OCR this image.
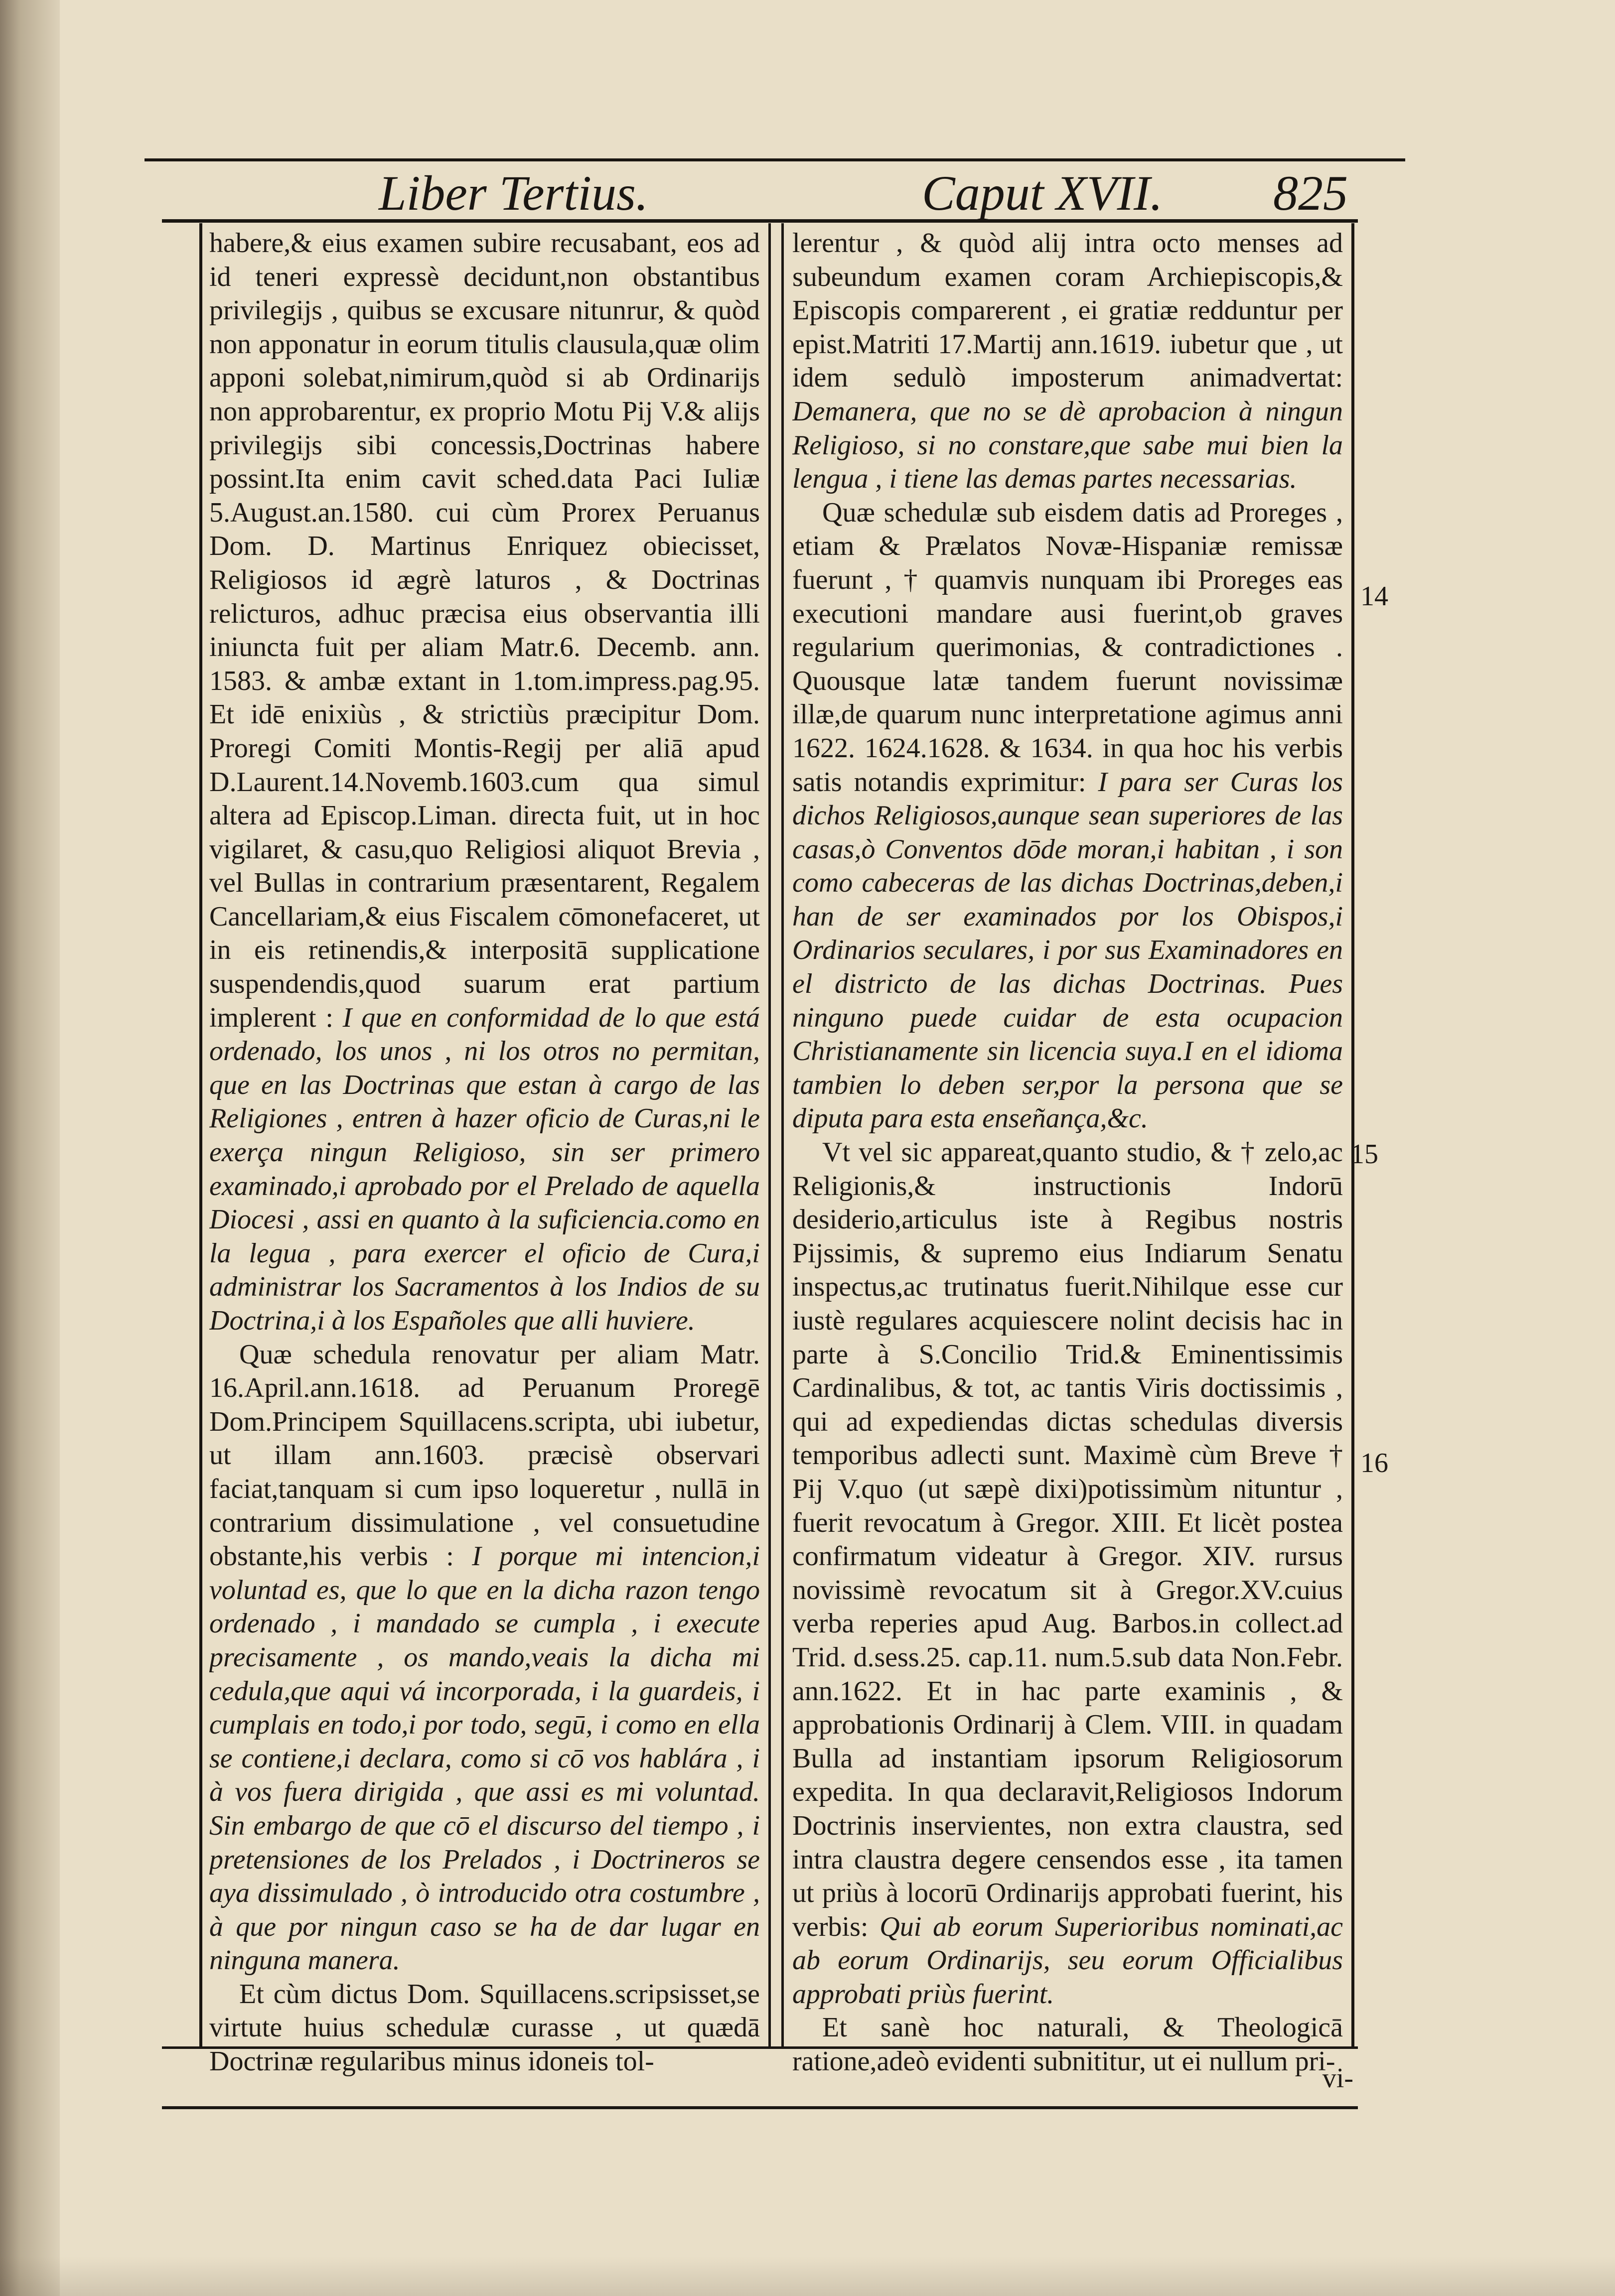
Liber Tertius.	Caput XVII. 825

habere,& eius examen subire recusabant, eos ad id teneri expressè decidunt,non obstantibus privilegijs , quibus se excusare nitunrur, & quòd non apponatur in eorum titulis clausula,quæ olim apponi solebat,nimirum,quòd si ab Ordinarijs non approbarentur, ex proprio Motu Pij V.& alijs privilegijs sibi concessis,Doctrinas habere possint.Ita enim cavit sched.data Paci Iuliæ 5.August.an.1580. cui cùm Prorex Peruanus Dom. D. Martinus Enriquez obiecisset, Religiosos id ægrè laturos , & Doctrinas relicturos, adhuc præcisa eius observantia illi iniuncta fuit per aliam Matr.6. Decemb. ann. 1583. & ambæ extant in 1.tom.impress.pag.95. Et idē enixiùs , & strictiùs præcipitur Dom. Proregi Comiti Montis-Regij per aliā apud D.Laurent.14.Novemb.1603.cum qua simul altera ad Episcop.Liman. directa fuit, ut in hoc vigilaret, & casu,quo Religiosi aliquot Brevia , vel Bullas in contrarium præsentarent, Regalem Cancellariam,& eius Fiscalem cōmonefaceret, ut in eis retinendis,& interpositā supplicatione suspendendis,quod suarum erat partium implerent : I que en conformidad de lo que está ordenado, los unos , ni los otros no permitan, que en las Doctrinas que estan à cargo de las Religiones , entren à hazer oficio de Curas,ni le exerça ningun Religioso, sin ser primero examinado,i aprobado por el Prelado de aquella Diocesi , assi en quanto à la suficiencia.como en la legua , para exercer el oficio de Cura,i administrar los Sacramentos à los Indios de su Doctrina,i à los Españoles que alli huviere.

Quæ schedula renovatur per aliam Matr. 16.April.ann.1618. ad Peruanum Proregē Dom.Principem Squillacens.scripta, ubi iubetur, ut illam ann.1603. præcisè observari faciat,tanquam si cum ipso loqueretur , nullā in contrarium dissimulatione , vel consuetudine obstante,his verbis : I porque mi intencion,i voluntad es, que lo que en la dicha razon tengo ordenado , i mandado se cumpla , i execute precisamente , os mando,veais la dicha mi cedula,que aqui vá incorporada, i la guardeis, i cumplais en todo,i por todo, segū, i como en ella se contiene,i declara, como si cō vos hablára , i à vos fuera dirigida , que assi es mi voluntad. Sin embargo de que cō el discurso del tiempo , i pretensiones de los Prelados , i Doctrineros se aya dissimulado , ò introducido otra costumbre , à que por ningun caso se ha de dar lugar en ninguna manera.

Et cùm dictus Dom. Squillacens.scripsisset,se virtute huius schedulæ curasse , ut quædā Doctrinæ regularibus minus idoneis tol-

lerentur , & quòd alij intra octo menses ad subeundum examen coram Archiepiscopis,& Episcopis comparerent , ei gratiæ redduntur per epist.Matriti 17.Martij ann.1619. iubetur que , ut idem sedulò imposterum animadvertat: Demanera, que no se dè aprobacion à ningun Religioso, si no constare,que sabe mui bien la lengua , i tiene las demas partes necessarias.

Quæ schedulæ sub eisdem datis ad Proreges , etiam & Prælatos Novæ-Hispaniæ remissæ fuerunt , † quamvis nunquam ibi Proreges eas executioni mandare ausi fuerint,ob graves regularium querimonias, & contradictiones . Quousque latæ tandem fuerunt novissimæ illæ,de quarum nunc interpretatione agimus anni 1622. 1624.1628. & 1634. in qua hoc his verbis satis notandis exprimitur: I para ser Curas los dichos Religiosos,aunque sean superiores de las casas,ò Conventos dōde moran,i habitan , i son como cabeceras de las dichas Doctrinas,deben,i han de ser examinados por los Obispos,i Ordinarios seculares, i por sus Examinadores en el districto de las dichas Doctrinas. Pues ninguno puede cuidar de esta ocupacion Christianamente sin licencia suya.I en el idioma tambien lo deben ser,por la persona que se diputa para esta enseñança,&c.

Vt vel sic appareat,quanto studio, & † zelo,ac Religionis,& instructionis Indorū desiderio,articulus iste à Regibus nostris Pijssimis, & supremo eius Indiarum Senatu inspectus,ac trutinatus fuerit.Nihilque esse cur iustè regulares acquiescere nolint decisis hac in parte à S.Concilio Trid.& Eminentissimis Cardinalibus, & tot, ac tantis Viris doctissimis , qui ad expediendas dictas schedulas diversis temporibus adlecti sunt. Maximè cùm Breve † Pij V.quo (ut sæpè dixi)potissimùm nituntur , fuerit revocatum à Gregor. XIII. Et licèt postea confirmatum videatur à Gregor. XIV. rursus novissimè revocatum sit à Gregor.XV.cuius verba reperies apud Aug. Barbos.in collect.ad Trid. d.sess.25. cap.11. num.5.sub data Non.Febr. ann.1622. Et in hac parte examinis , & approbationis Ordinarij à Clem. VIII. in quadam Bulla ad instantiam ipsorum Religiosorum expedita. In qua declaravit,Religiosos Indorum Doctrinis inservientes, non extra claustra, sed intra claustra degere censendos esse , ita tamen ut priùs à locorū Ordinarijs approbati fuerint, his verbis: Qui ab eorum Superioribus nominati,ac ab eorum Ordinarijs, seu eorum Officialibus approbati priùs fuerint.

Et sanè hoc naturali, & Theologicā ratione,adeò evidenti subnititur, ut ei nullum pri-

14
15
16
vi-
